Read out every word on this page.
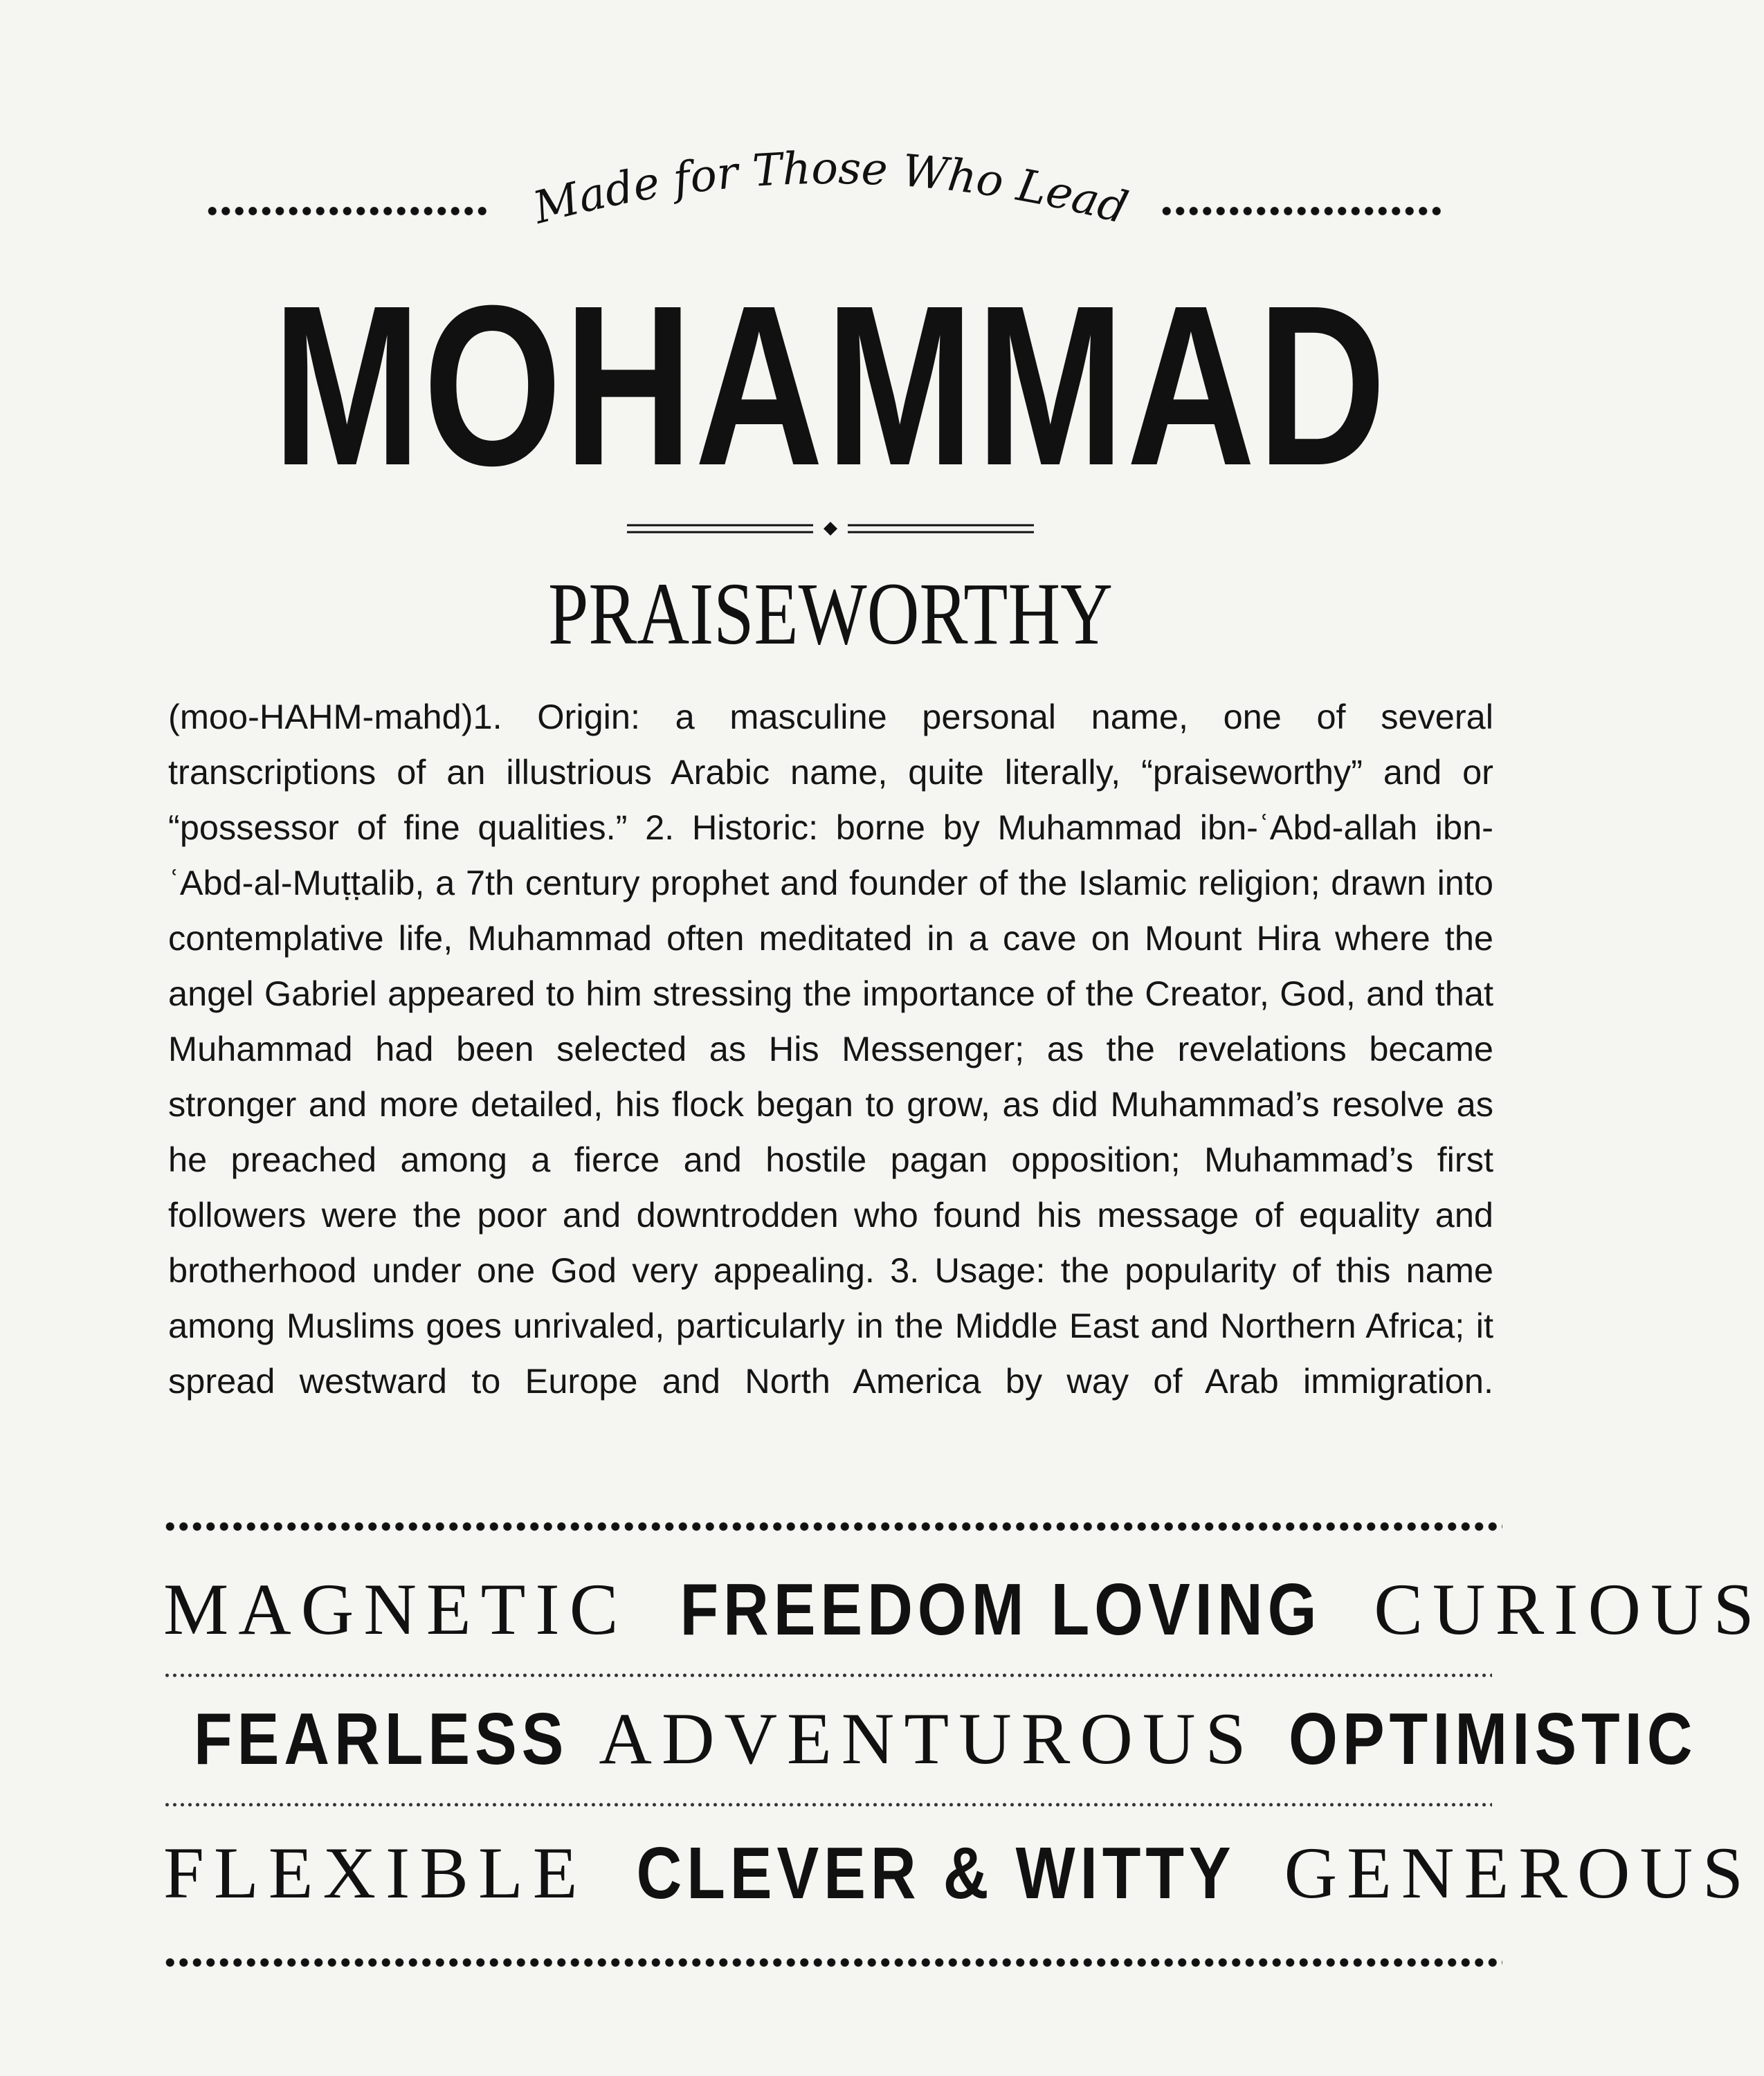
Made for Those Who Lead
MOHAMMAD
PRAISEWORTHY
(moo-HAHM-mahd)1. Origin: a masculine personal name, one of several transcriptions of an illustrious Arabic name, quite literally, “praiseworthy” and or “possessor of fine qualities.” 2. Historic: borne by Muhammad ibn-ʿAbd-allah ibn-ʿAbd-al-Muṭṭalib, a 7th century prophet and founder of the Islamic religion; drawn into contemplative life, Muhammad often meditated in a cave on Mount Hira where the angel Gabriel appeared to him stressing the importance of the Creator, God, and that Muhammad had been selected as His Messenger; as the revelations became stronger and more detailed, his flock began to grow, as did Muhammad’s resolve as he preached among a fierce and hostile pagan opposition; Muhammad’s first followers were the poor and downtrodden who found his message of equality and brotherhood under one God very appealing. 3. Usage: the popularity of this name among Muslims goes unrivaled, particularly in the Middle East and Northern Africa; it spread westward to Europe and North America by way of Arab immigration.
MAGNETIC FREEDOM LOVING CURIOUS
FEARLESS ADVENTUROUS OPTIMISTIC
FLEXIBLE CLEVER & WITTY GENEROUS
